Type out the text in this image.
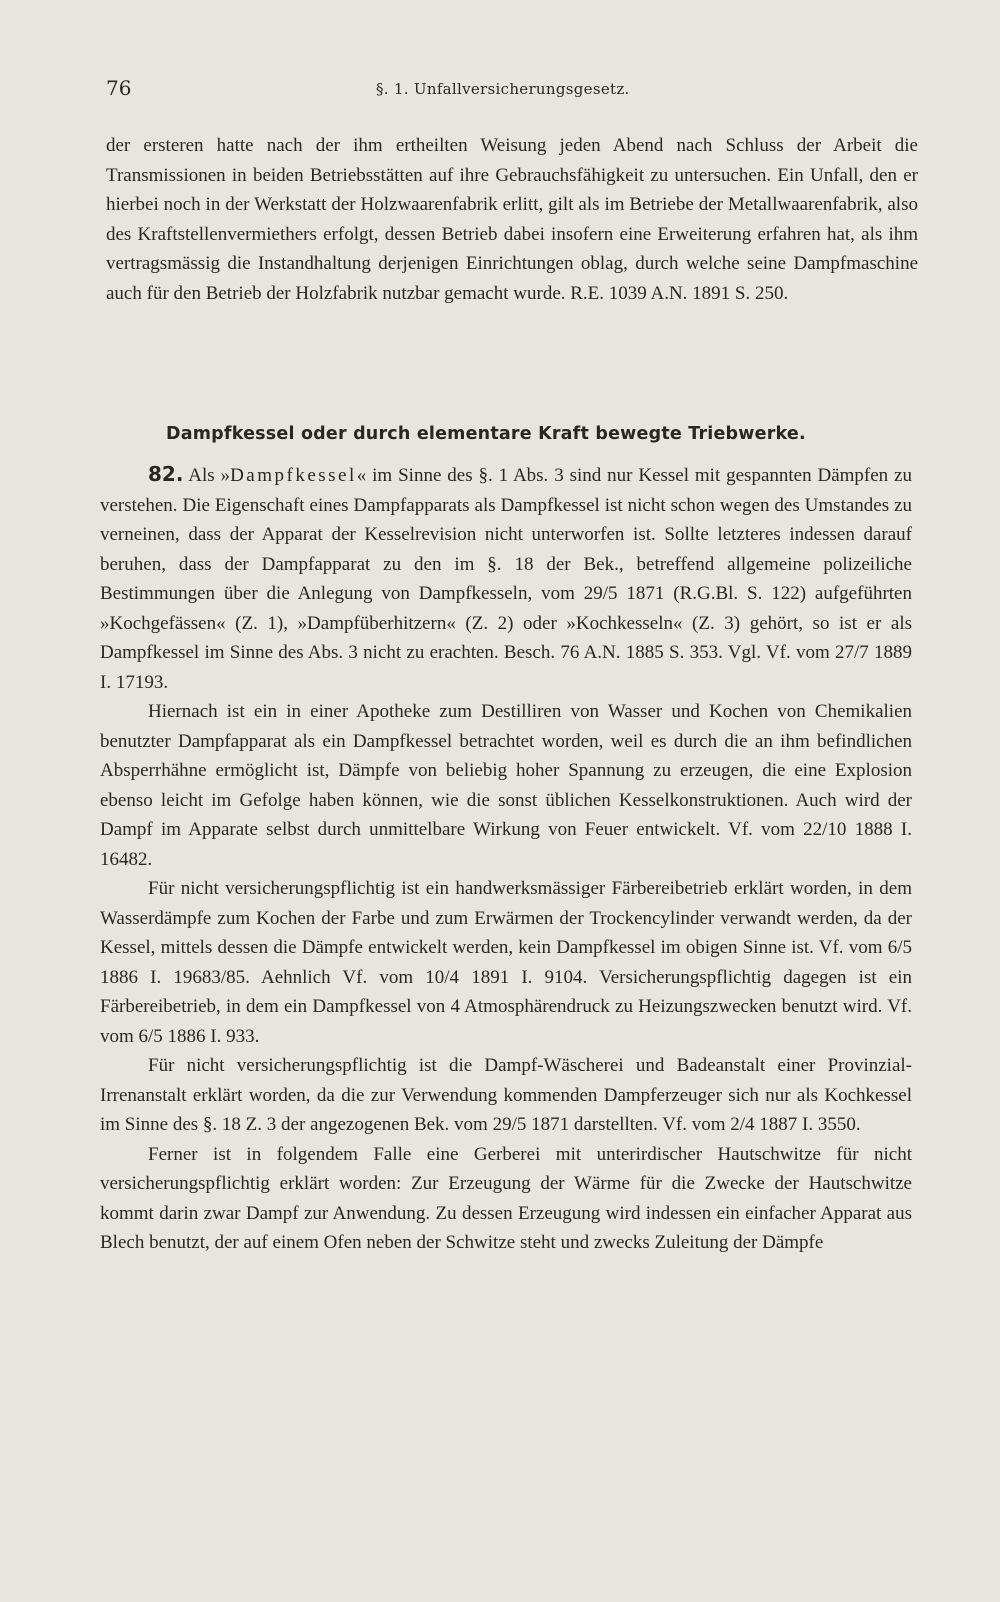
76	§. 1. Unfallversicherungsgesetz.

der ersteren hatte nach der ihm ertheilten Weisung jeden Abend nach Schluss der Arbeit die Transmissionen in beiden Betriebsstätten auf ihre Gebrauchsfähigkeit zu untersuchen. Ein Unfall, den er hierbei noch in der Werkstatt der Holzwaarenfabrik erlitt, gilt als im Betriebe der Metallwaarenfabrik, also des Kraftstellenvermiethers erfolgt, dessen Betrieb dabei insofern eine Erweiterung erfahren hat, als ihm vertragsmässig die Instandhaltung derjenigen Einrichtungen oblag, durch welche seine Dampfmaschine auch für den Betrieb der Holzfabrik nutzbar gemacht wurde. R.E. 1039 A.N. 1891 S. 250.

Dampfkessel oder durch elementare Kraft bewegte Triebwerke.

82. Als »Dampfkessel« im Sinne des §. 1 Abs. 3 sind nur Kessel mit gespannten Dämpfen zu verstehen. Die Eigenschaft eines Dampfapparats als Dampfkessel ist nicht schon wegen des Umstandes zu verneinen, dass der Apparat der Kesselrevision nicht unterworfen ist. Sollte letzteres indessen darauf beruhen, dass der Dampfapparat zu den im §. 18 der Bek., betreffend allgemeine polizeiliche Bestimmungen über die Anlegung von Dampfkesseln, vom 29/5 1871 (R.G.Bl. S. 122) aufgeführten »Kochgefässen« (Z. 1), »Dampfüberhitzern« (Z. 2) oder »Kochkesseln« (Z. 3) gehört, so ist er als Dampfkessel im Sinne des Abs. 3 nicht zu erachten. Besch. 76 A.N. 1885 S. 353. Vgl. Vf. vom 27/7 1889 I. 17193.

Hiernach ist ein in einer Apotheke zum Destilliren von Wasser und Kochen von Chemikalien benutzter Dampfapparat als ein Dampfkessel betrachtet worden, weil es durch die an ihm befindlichen Absperrhähne ermöglicht ist, Dämpfe von beliebig hoher Spannung zu erzeugen, die eine Explosion ebenso leicht im Gefolge haben können, wie die sonst üblichen Kesselkonstruktionen. Auch wird der Dampf im Apparate selbst durch unmittelbare Wirkung von Feuer entwickelt. Vf. vom 22/10 1888 I. 16482.

Für nicht versicherungspflichtig ist ein handwerksmässiger Färbereibetrieb erklärt worden, in dem Wasserdämpfe zum Kochen der Farbe und zum Erwärmen der Trockencylinder verwandt werden, da der Kessel, mittels dessen die Dämpfe entwickelt werden, kein Dampfkessel im obigen Sinne ist. Vf. vom 6/5 1886 I. 19683/85. Aehnlich Vf. vom 10/4 1891 I. 9104. Versicherungspflichtig dagegen ist ein Färbereibetrieb, in dem ein Dampfkessel von 4 Atmosphärendruck zu Heizungszwecken benutzt wird. Vf. vom 6/5 1886 I. 933.

Für nicht versicherungspflichtig ist die Dampf-Wäscherei und Badeanstalt einer Provinzial-Irrenanstalt erklärt worden, da die zur Verwendung kommenden Dampferzeuger sich nur als Kochkessel im Sinne des §. 18 Z. 3 der angezogenen Bek. vom 29/5 1871 darstellten. Vf. vom 2/4 1887 I. 3550.

Ferner ist in folgendem Falle eine Gerberei mit unterirdischer Hautschwitze für nicht versicherungspflichtig erklärt worden: Zur Erzeugung der Wärme für die Zwecke der Hautschwitze kommt darin zwar Dampf zur Anwendung. Zu dessen Erzeugung wird indessen ein einfacher Apparat aus Blech benutzt, der auf einem Ofen neben der Schwitze steht und zwecks Zuleitung der Dämpfe
